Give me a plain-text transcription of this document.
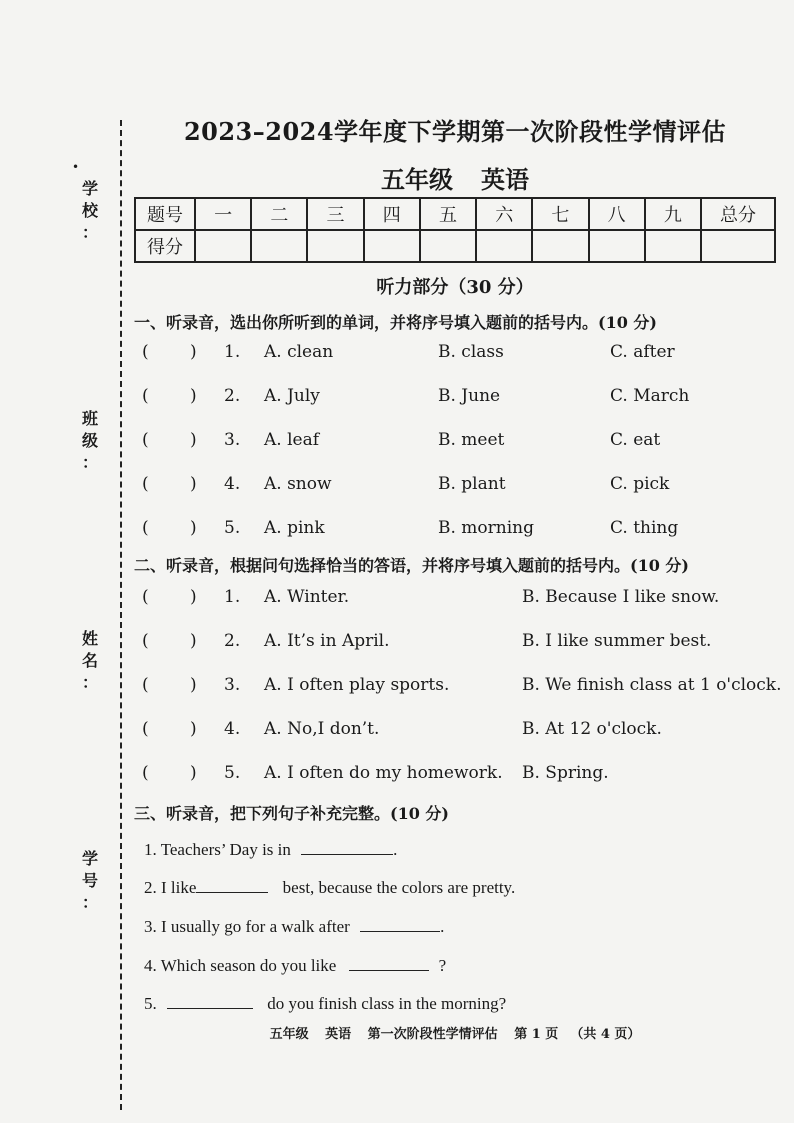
•
学
校
：
班
级
：
姓
名
：
学
号
：
2023–2024学年度下学期第一次阶段性学情评估
五年级 英语
题号	一	二	三	四	五	六	七	八	九	总分
得分										
听力部分（30 分）
一、听录音，选出你所听到的单词，并将序号填入题前的括号内。(10 分)
( ) 1. A. clean	B. class	C. after
( ) 2. A. July	B. June	C. March
( ) 3. A. leaf	B. meet	C. eat
( ) 4. A. snow	B. plant	C. pick
( ) 5. A. pink	B. morning	C. thing
二、听录音，根据问句选择恰当的答语，并将序号填入题前的括号内。(10 分)
( ) 1. A. Winter.	B. Because I like snow.
( ) 2. A. It’s in April.	B. I like summer best.
( ) 3. A. I often play sports.	B. We finish class at 1 o'clock.
( ) 4. A. No,I don’t.	B. At 12 o'clock.
( ) 5. A. I often do my homework. B. Spring.
三、听录音，把下列句子补充完整。(10 分)
1. Teachers’ Day is in	.
2. I like	best, because the colors are pretty.
3. I usually go for a walk after	.
4. Which season do you like	?
5.	do you finish class in the morning?
五年级 英语 第一次阶段性学情评估 第 1 页 （共 4 页）
